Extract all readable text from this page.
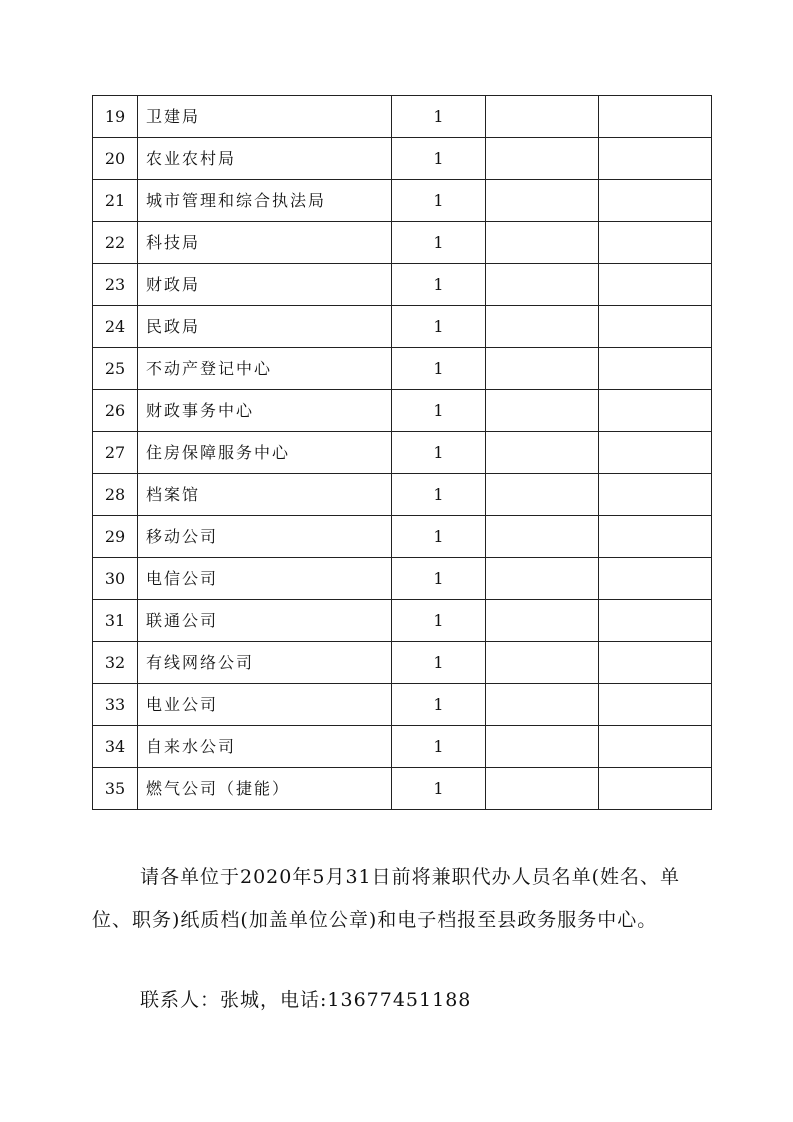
19	卫建局	1		
20	农业农村局	1		
21	城市管理和综合执法局	1		
22	科技局	1		
23	财政局	1		
24	民政局	1		
25	不动产登记中心	1		
26	财政事务中心	1		
27	住房保障服务中心	1		
28	档案馆	1		
29	移动公司	1		
30	电信公司	1		
31	联通公司	1		
32	有线网络公司	1		
33	电业公司	1		
34	自来水公司	1		
35	燃气公司（捷能）	1		

请各单位于2020年5月31日前将兼职代办人员名单(姓名、单位、职务)纸质档(加盖单位公章)和电子档报至县政务服务中心。

联系人：张城，电话:13677451188
